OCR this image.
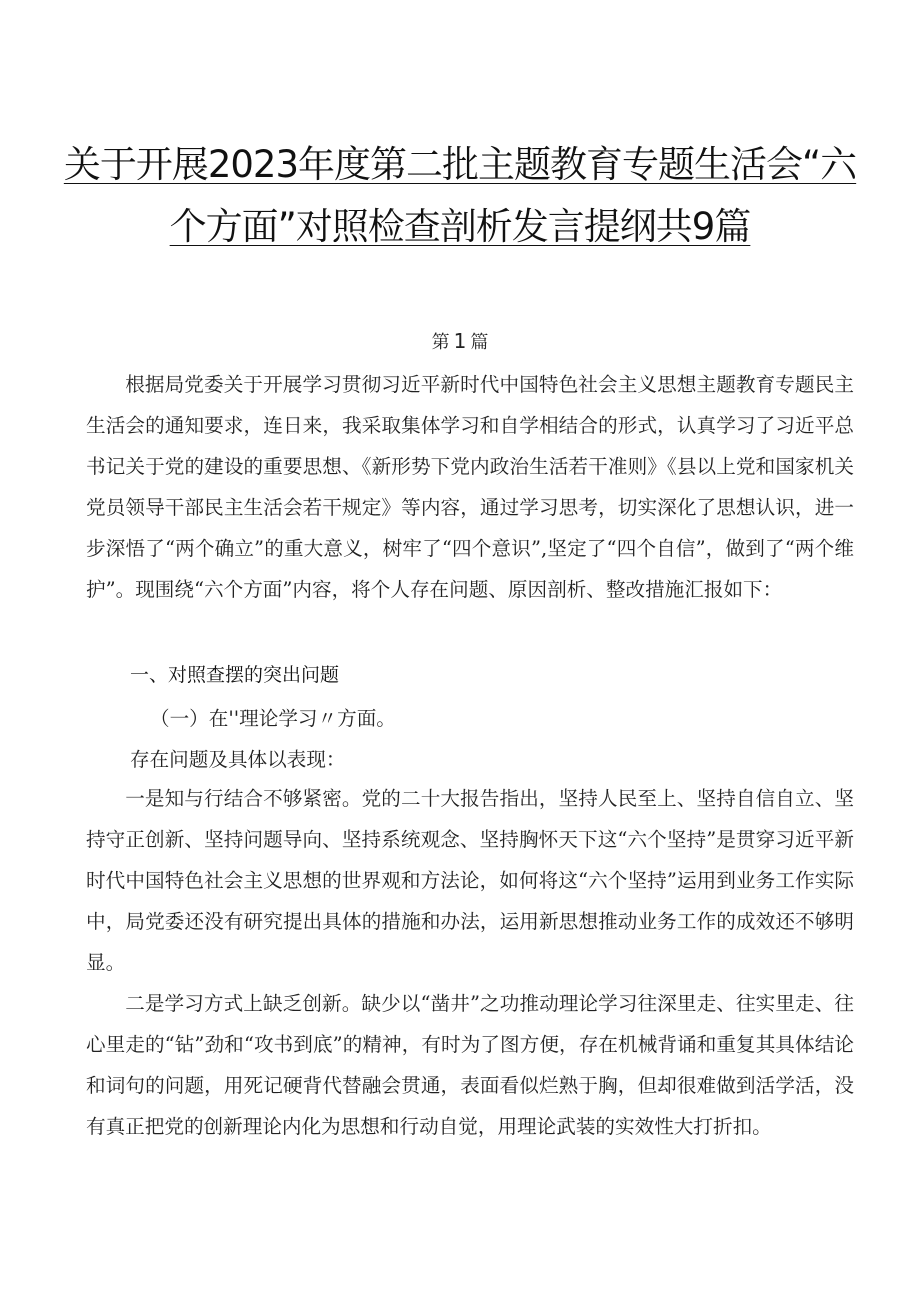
关于开展2023年度第二批主题教育专题生活会“六
个方面”对照检查剖析发言提纲共9篇
第 1 篇

根据局党委关于开展学习贯彻习近平新时代中国特色社会主义思想主题教育专题民主生活会的通知要求，连日来，我采取集体学习和自学相结合的形式，认真学习了习近平总书记关于党的建设的重要思想、《新形势下党内政治生活若干准则》《县以上党和国家机关党员领导干部民主生活会若干规定》等内容，通过学习思考，切实深化了思想认识，进一步深悟了“两个确立”的重大意义，树牢了“四个意识”,坚定了“四个自信”，做到了“两个维护”。现围绕“六个方面”内容，将个人存在问题、原因剖析、整改措施汇报如下：

一、对照查摆的突出问题
（一）在''理论学习〃方面。
存在问题及具体以表现：

一是知与行结合不够紧密。党的二十大报告指出，坚持人民至上、坚持自信自立、坚持守正创新、坚持问题导向、坚持系统观念、坚持胸怀天下这“六个坚持”是贯穿习近平新时代中国特色社会主义思想的世界观和方法论，如何将这“六个坚持”运用到业务工作实际中，局党委还没有研究提出具体的措施和办法，运用新思想推动业务工作的成效还不够明显。

二是学习方式上缺乏创新。缺少以“凿井”之功推动理论学习往深里走、往实里走、往心里走的“钻”劲和“攻书到底”的精神，有时为了图方便，存在机械背诵和重复其具体结论和词句的问题，用死记硬背代替融会贯通，表面看似烂熟于胸，但却很难做到活学活，没有真正把党的创新理论内化为思想和行动自觉，用理论武装的实效性大打折扣。
